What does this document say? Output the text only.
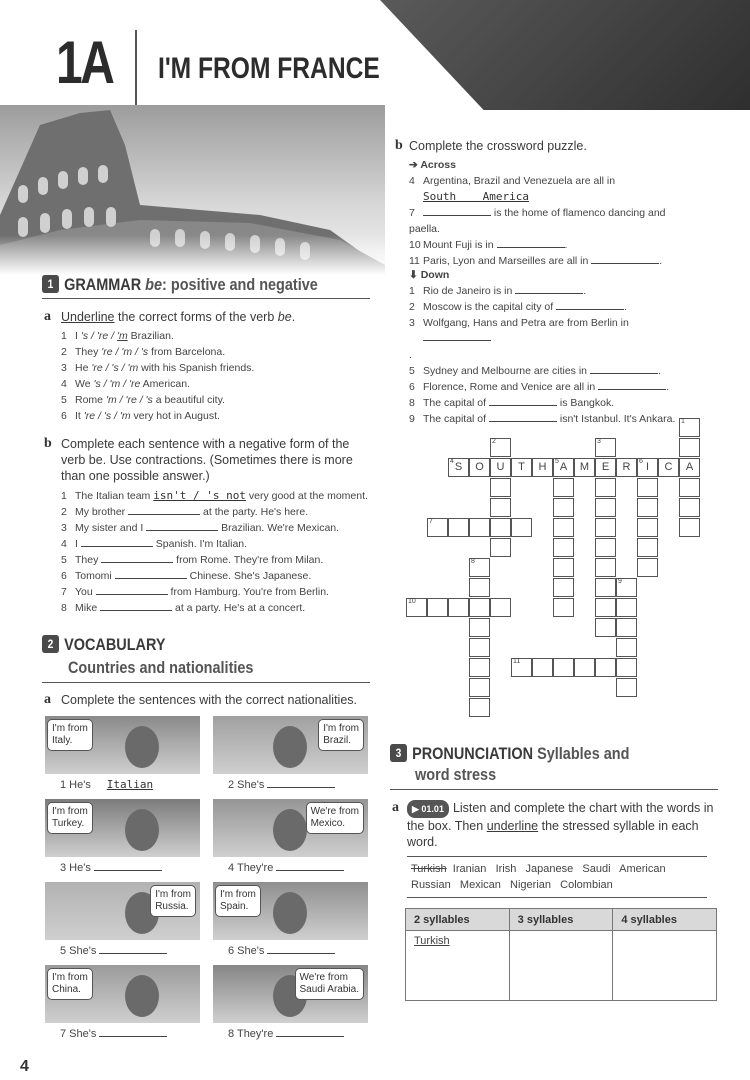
1A I'M FROM FRANCE
1 GRAMMAR be: positive and negative
a Underline the correct forms of the verb be.
1 I 's / 're / 'm Brazilian.
2 They 're / 'm / 's from Barcelona.
3 He 're / 's / 'm with his Spanish friends.
4 We 's / 'm / 're American.
5 Rome 'm / 're / 's a beautiful city.
6 It 're / 's / 'm very hot in August.
b Complete each sentence with a negative form of the verb be. Use contractions. (Sometimes there is more than one possible answer.)
1 The Italian team isn't / 's not very good at the moment.
2 My brother	at the party. He's here.
3 My sister and I	Brazilian. We're Mexican.
4 I	Spanish. I'm Italian.
5 They	from Rome. They're from Milan.
6 Tomomi	Chinese. She's Japanese.
7 You	from Hamburg. You're from Berlin.
8 Mike	at a party. He's at a concert.
2 VOCABULARY
Countries and nationalities
a Complete the sentences with the correct nationalities.
I'm from
Italy.
1 He's Italian
I'm from
Brazil.
2 She's
I'm from
Turkey.
3 He's
We're from
Mexico.
4 They're
I'm from
Russia.
5 She's
I'm from
Spain.
6 She's
I'm from
China.
7 She's
We're from
Saudi Arabia.
8 They're
b Complete the crossword puzzle.
➔ Across
4 Argentina, Brazil and Venezuela are all in
South    America
7	is the home of flamenco dancing and paella.
10 Mount Fuji is in	.
11 Paris, Lyon and Marseilles are all in	.
⬇ Down
1 Rio de Janeiro is in	.
2 Moscow is the capital city of	.
3 Wolfgang, Hans and Petra are from Berlin in
.
5 Sydney and Melbourne are cities in	.
6 Florence, Rome and Venice are all in	.
8 The capital of	is Bangkok.
9 The capital of	isn't Istanbul. It's Ankara.
4 S	O	U	T	H	5 A	M	E	R	6 I	C	A
1
2	3
7
8
10
9
11
3 PRONUNCIATION Syllables and
word stress
a	▶ 01.01 Listen and complete the chart with the words in the box. Then underline the stressed syllable in each word.
Turkish Iranian   Irish   Japanese   Saudi   American   Russian   Mexican   Nigerian   Colombian
2 syllables	3 syllables	4 syllables
Turkish		
4
